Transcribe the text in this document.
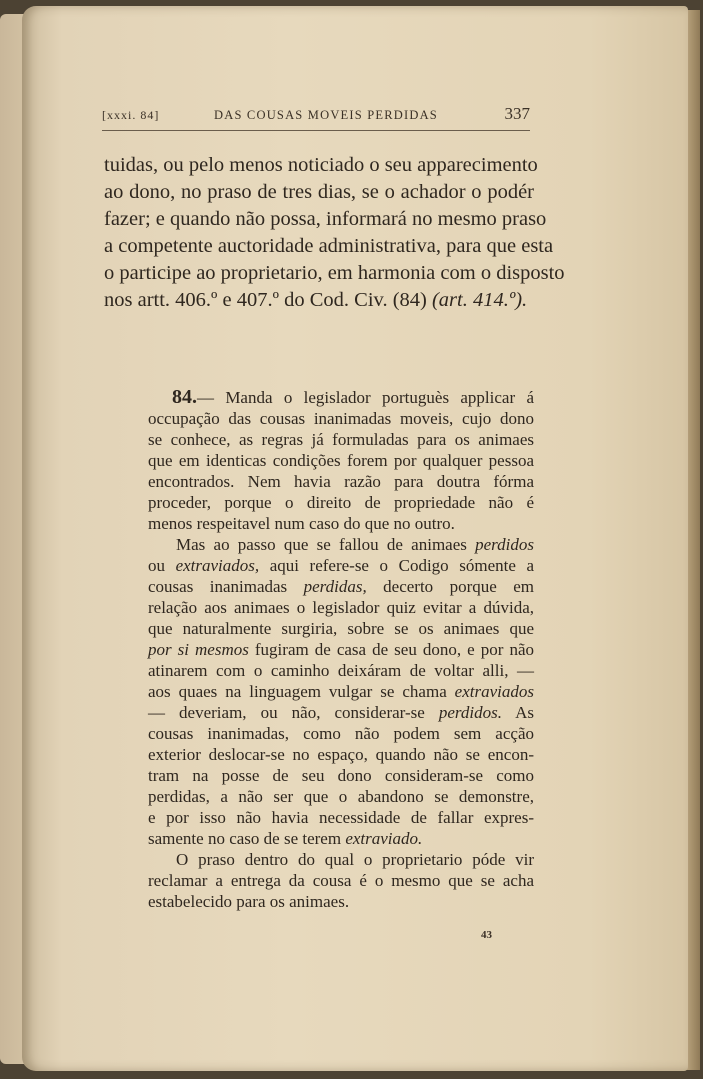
[xxxi. 84]	DAS COUSAS MOVEIS PERDIDAS	337
tuidas, ou pelo menos noticiado o seu apparecimento
ao dono, no praso de tres dias, se o achador o podér
fazer; e quando não possa, informará no mesmo praso
a competente auctoridade administrativa, para que esta
o participe ao proprietario, em harmonia com o disposto
nos artt. 406.º e 407.º do Cod. Civ. (84) (art. 414.º).
84.— Manda o legislador portuguès applicar á
occupação das cousas inanimadas moveis, cujo dono
se conhece, as regras já formuladas para os animaes
que em identicas condições forem por qualquer pessoa
encontrados. Nem havia razão para doutra fórma
proceder, porque o direito de propriedade não é
menos respeitavel num caso do que no outro.
Mas ao passo que se fallou de animaes perdidos
ou extraviados, aqui refere-se o Codigo sómente a
cousas inanimadas perdidas, decerto porque em
relação aos animaes o legislador quiz evitar a dúvida,
que naturalmente surgiria, sobre se os animaes que
por si mesmos fugiram de casa de seu dono, e por não
atinarem com o caminho deixáram de voltar alli, —
aos quaes na linguagem vulgar se chama extraviados
— deveriam, ou não, considerar-se perdidos. As
cousas inanimadas, como não podem sem acção
exterior deslocar-se no espaço, quando não se encon-
tram na posse de seu dono consideram-se como
perdidas, a não ser que o abandono se demonstre,
e por isso não havia necessidade de fallar expres-
samente no caso de se terem extraviado.
O praso dentro do qual o proprietario póde vir
reclamar a entrega da cousa é o mesmo que se acha
estabelecido para os animaes.
43
